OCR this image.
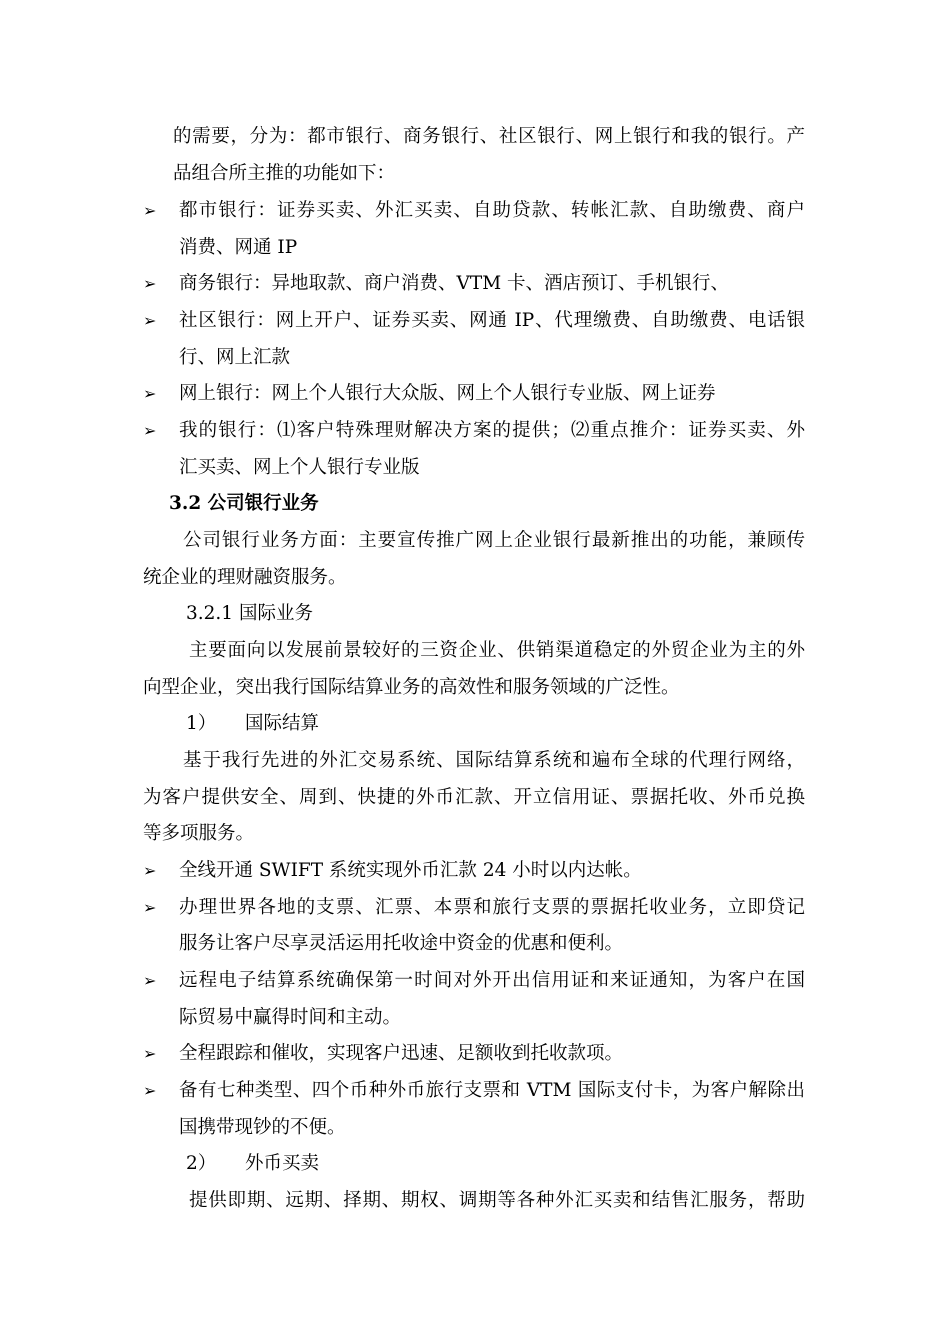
的需要，分为：都市银行、商务银行、社区银行、网上银行和我的银行。产
品组合所主推的功能如下：
➢ 都市银行：证券买卖、外汇买卖、自助贷款、转帐汇款、自助缴费、商户
消费、网通 IP
➢ 商务银行：异地取款、商户消费、VTM 卡、酒店预订、手机银行、
➢ 社区银行：网上开户、证券买卖、网通 IP、代理缴费、自助缴费、电话银
行、网上汇款
➢ 网上银行：网上个人银行大众版、网上个人银行专业版、网上证券
➢ 我的银行：⑴客户特殊理财解决方案的提供；⑵重点推介：证券买卖、外
汇买卖、网上个人银行专业版
3.2 公司银行业务
公司银行业务方面：主要宣传推广网上企业银行最新推出的功能，兼顾传
统企业的理财融资服务。
3.2.1 国际业务
主要面向以发展前景较好的三资企业、供销渠道稳定的外贸企业为主的外
向型企业，突出我行国际结算业务的高效性和服务领域的广泛性。
1） 国际结算
基于我行先进的外汇交易系统、国际结算系统和遍布全球的代理行网络，
为客户提供安全、周到、快捷的外币汇款、开立信用证、票据托收、外币兑换
等多项服务。
➢ 全线开通 SWIFT 系统实现外币汇款 24 小时以内达帐。
➢ 办理世界各地的支票、汇票、本票和旅行支票的票据托收业务，立即贷记
服务让客户尽享灵活运用托收途中资金的优惠和便利。
➢ 远程电子结算系统确保第一时间对外开出信用证和来证通知，为客户在国
际贸易中赢得时间和主动。
➢ 全程跟踪和催收，实现客户迅速、足额收到托收款项。
➢ 备有七种类型、四个币种外币旅行支票和 VTM 国际支付卡，为客户解除出
国携带现钞的不便。
2） 外币买卖
提供即期、远期、择期、期权、调期等各种外汇买卖和结售汇服务，帮助
